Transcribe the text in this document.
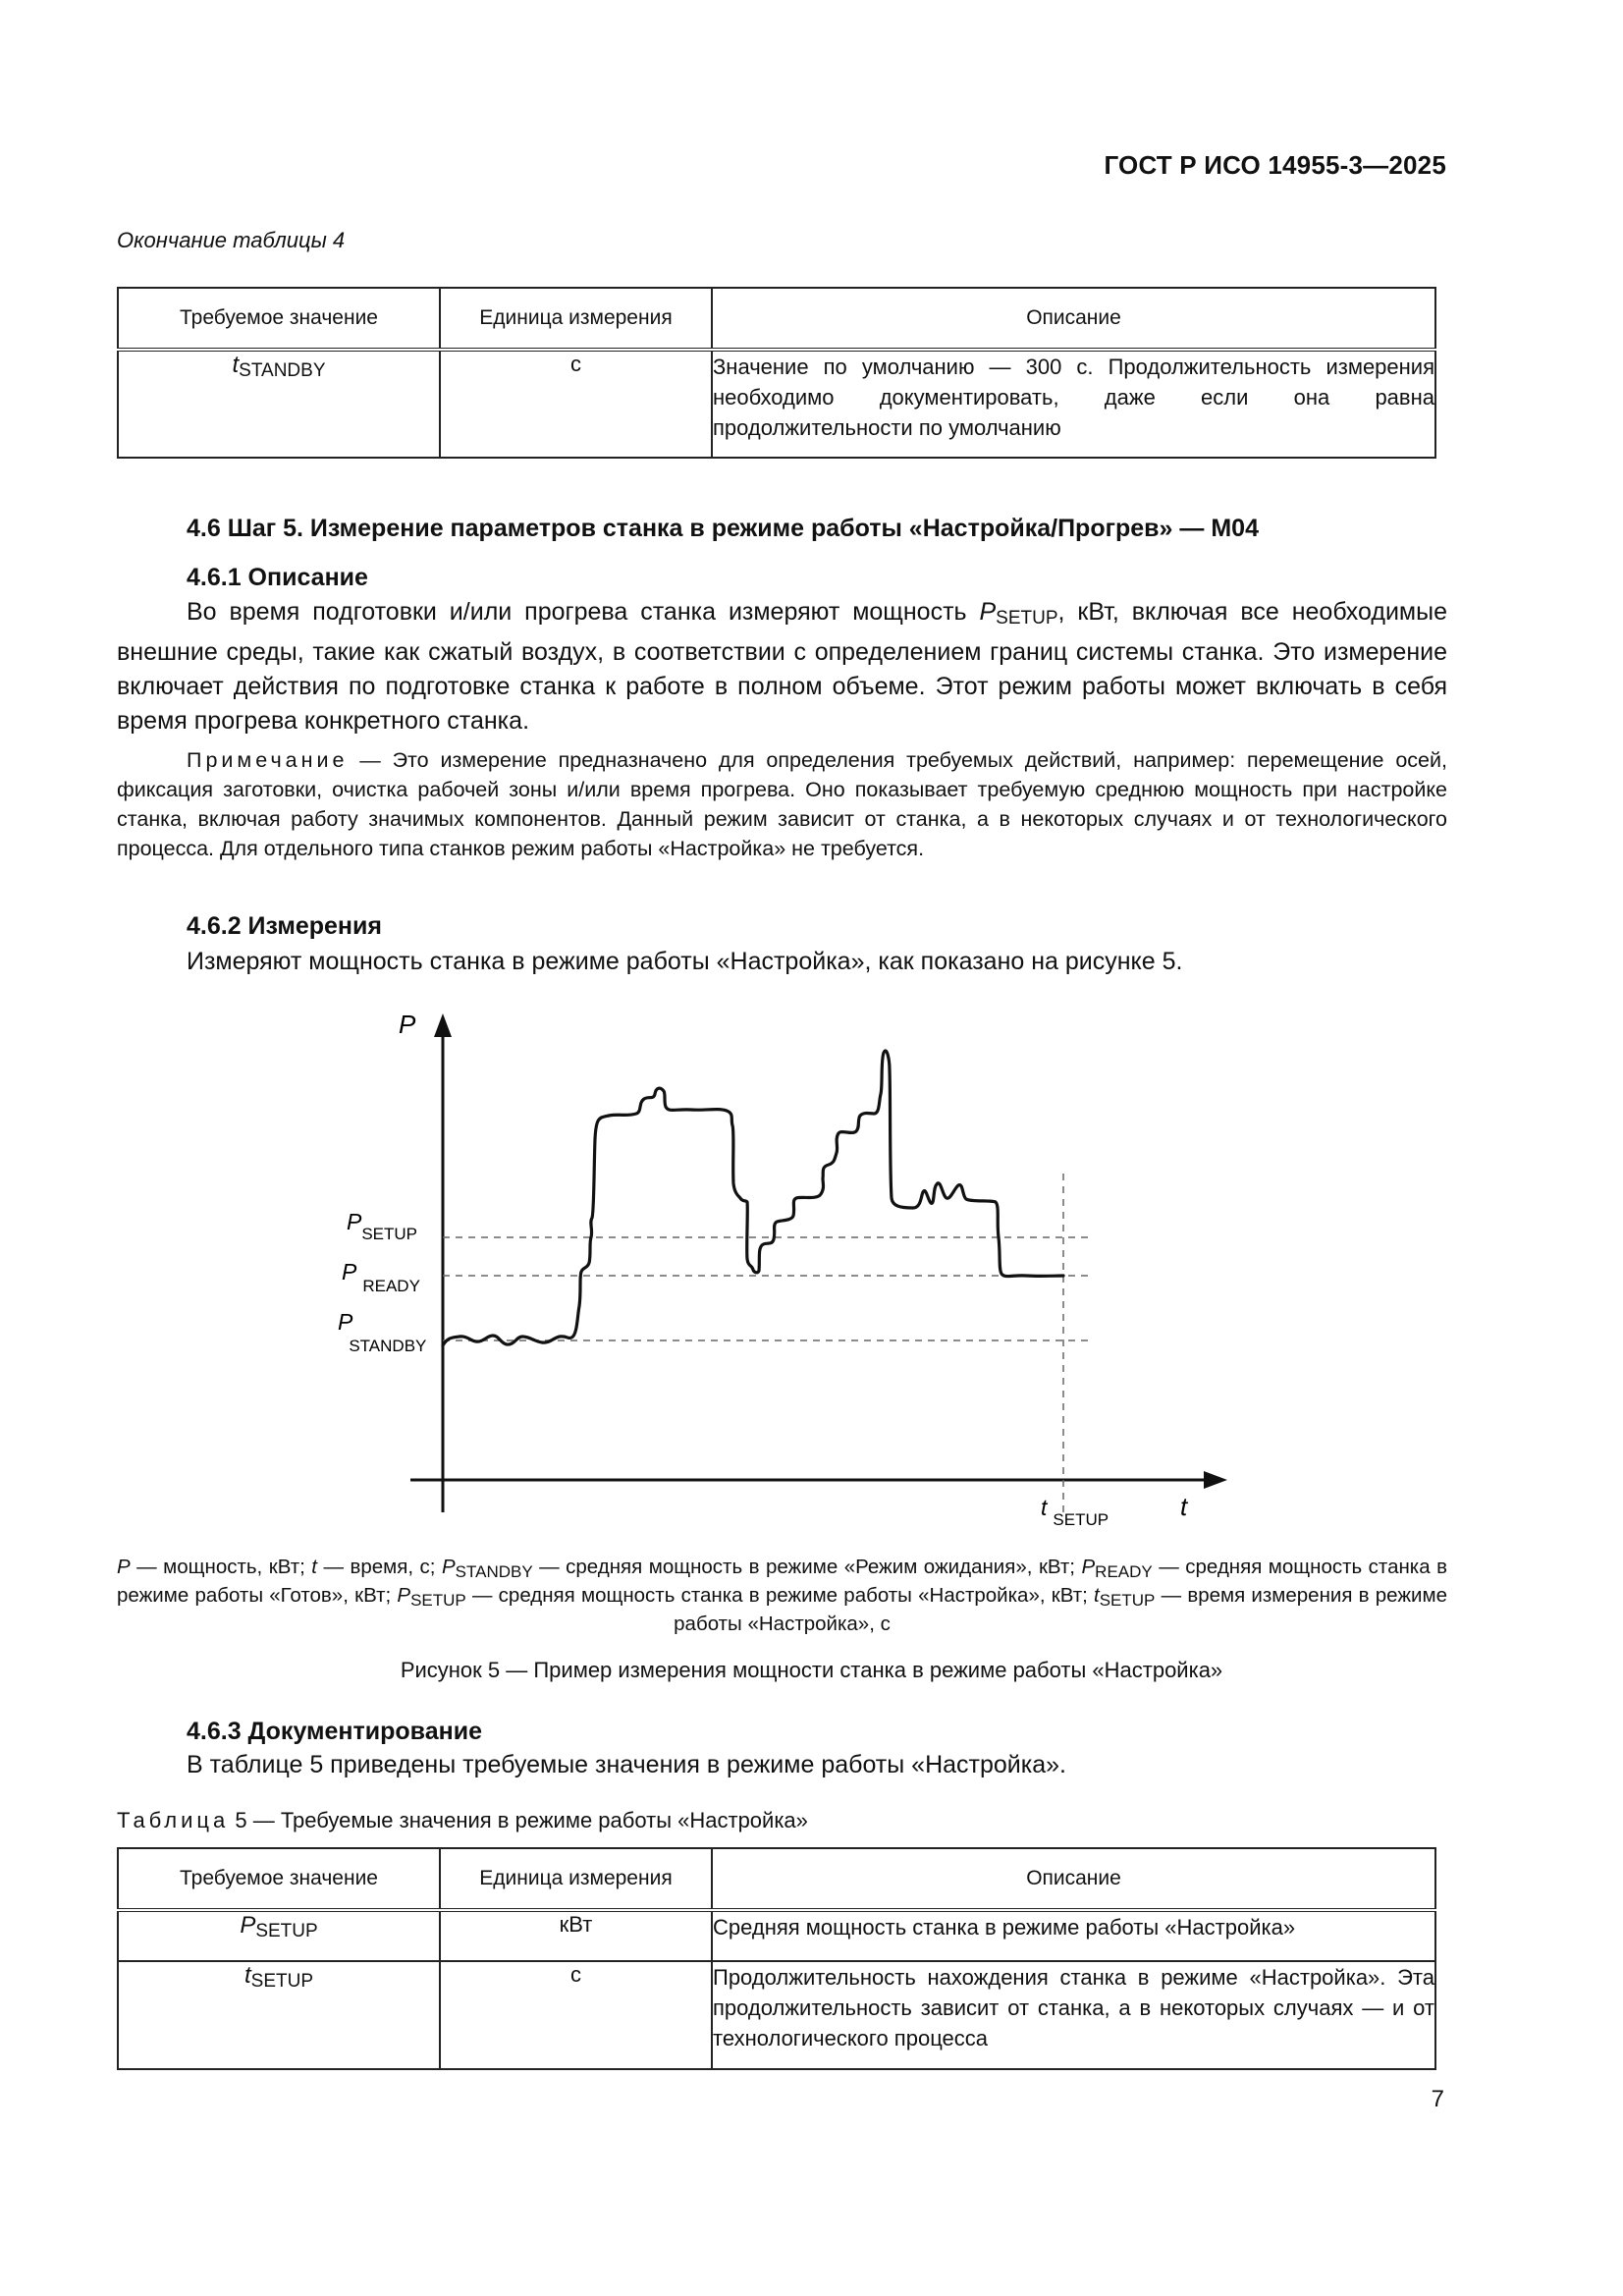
ГОСТ Р ИСО 14955-3—2025
Окончание таблицы 4
Требуемое значение	Единица измерения	Описание
$t_{STANDBY}$	с	Значение по умолчанию — 300 с. Продолжительность измерения необходимо документировать, даже если она равна продолжительности по умолчанию
4.6 Шаг 5. Измерение параметров станка в режиме работы «Настройка/Прогрев» — М04
4.6.1 Описание
Во время подготовки и/или прогрева станка измеряют мощность $P_{SETUP}$, кВт, включая все необходимые внешние среды, такие как сжатый воздух, в соответствии с определением границ системы станка. Это измерение включает действия по подготовке станка к работе в полном объеме. Этот режим работы может включать в себя время прогрева конкретного станка.
Примечание — Это измерение предназначено для определения требуемых действий, например: перемещение осей, фиксация заготовки, очистка рабочей зоны и/или время прогрева. Оно показывает требуемую среднюю мощность при настройке станка, включая работу значимых компонентов. Данный режим зависит от станка, а в некоторых случаях и от технологического процесса. Для отдельного типа станков режим работы «Настройка» не требуется.
4.6.2 Измерения
Измеряют мощность станка в режиме работы «Настройка», как показано на рисунке 5.
P
t
$P_{SETUP}$
$P_{READY}$
P STANDBY
t $_{SETUP}$
P — мощность, кВт; t — время, с; $P_{STANDBY}$ — средняя мощность в режиме «Режим ожидания», кВт; $P_{READY}$ — средняя мощность станка в режиме работы «Готов», кВт; $P_{SETUP}$ — средняя мощность станка в режиме работы «Настройка», кВт; $t_{SETUP}$ — время измерения в режиме работы «Настройка», с
Рисунок 5 — Пример измерения мощности станка в режиме работы «Настройка»
4.6.3 Документирование
В таблице 5 приведены требуемые значения в режиме работы «Настройка».
Таблица 5 — Требуемые значения в режиме работы «Настройка»
Требуемое значение	Единица измерения	Описание
$P_{SETUP}$	кВт	Средняя мощность станка в режиме работы «Настройка»
$t_{SETUP}$	с	Продолжительность нахождения станка в режиме «Настройка». Эта продолжительность зависит от станка, а в некоторых случаях — и от технологического процесса
7
